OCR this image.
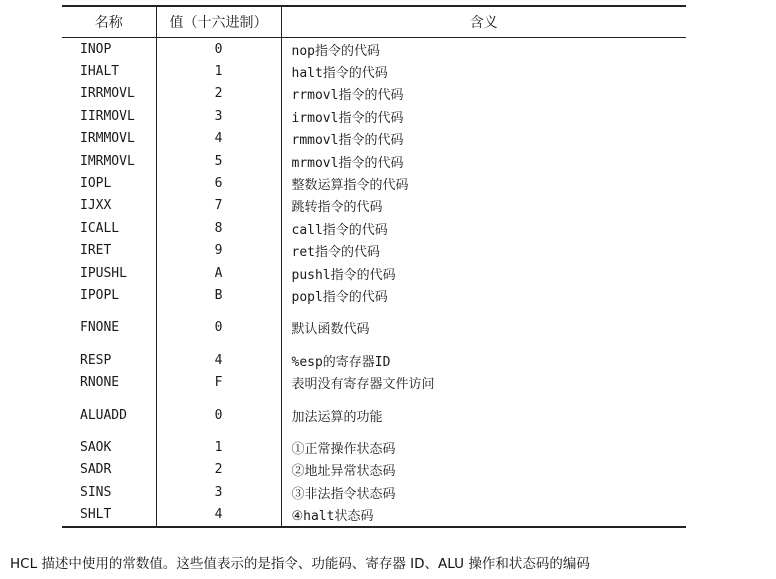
名称	值（十六进制）	含义
INOP	0	nop指令的代码
IHALT	1	halt指令的代码
IRRMOVL	2	rrmovl指令的代码
IIRMOVL	3	irmovl指令的代码
IRMMOVL	4	rmmovl指令的代码
IMRMOVL	5	mrmovl指令的代码
IOPL	6	整数运算指令的代码
IJXX	7	跳转指令的代码
ICALL	8	call指令的代码
IRET	9	ret指令的代码
IPUSHL	A	pushl指令的代码
IPOPL	B	popl指令的代码

FNONE	0	默认函数代码

RESP	4	%esp的寄存器ID
RNONE	F	表明没有寄存器文件访问

ALUADD	0	加法运算的功能

SAOK	1	①正常操作状态码
SADR	2	②地址异常状态码
SINS	3	③非法指令状态码
SHLT	4	④halt状态码
HCL 描述中使用的常数值。这些值表示的是指令、功能码、寄存器 ID、ALU 操作和状态码的编码
